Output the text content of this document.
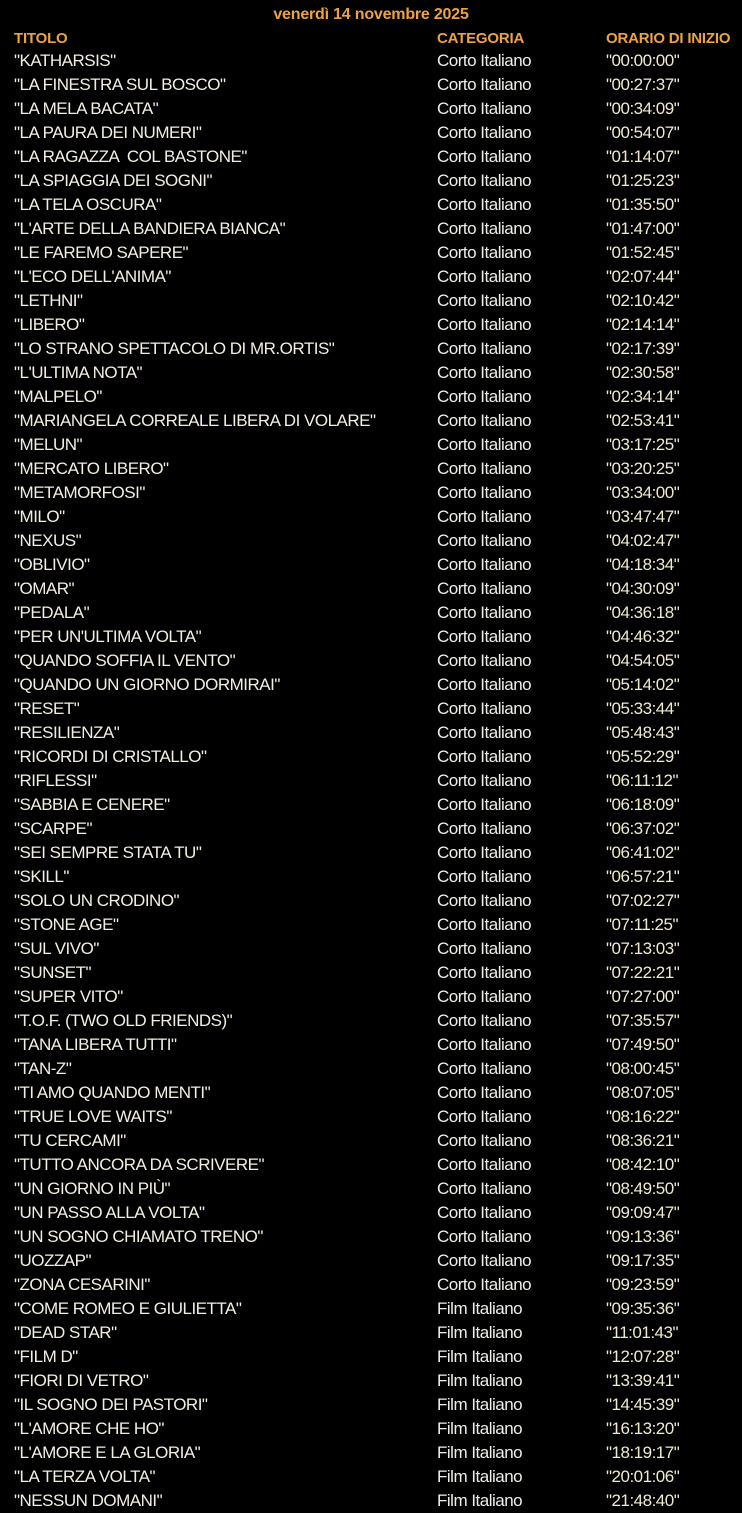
venerdì 14 novembre 2025
TITOLO	CATEGORIA	ORARIO DI INIZIO
"KATHARSIS"	Corto Italiano	"00:00:00"
"LA FINESTRA SUL BOSCO"	Corto Italiano	"00:27:37"
"LA MELA BACATA"	Corto Italiano	"00:34:09"
"LA PAURA DEI NUMERI"	Corto Italiano	"00:54:07"
"LA RAGAZZA  COL BASTONE"	Corto Italiano	"01:14:07"
"LA SPIAGGIA DEI SOGNI"	Corto Italiano	"01:25:23"
"LA TELA OSCURA"	Corto Italiano	"01:35:50"
"L'ARTE DELLA BANDIERA BIANCA"	Corto Italiano	"01:47:00"
"LE FAREMO SAPERE"	Corto Italiano	"01:52:45"
"L'ECO DELL'ANIMA"	Corto Italiano	"02:07:44"
"LETHNI"	Corto Italiano	"02:10:42"
"LIBERO"	Corto Italiano	"02:14:14"
"LO STRANO SPETTACOLO DI MR.ORTIS"	Corto Italiano	"02:17:39"
"L'ULTIMA NOTA"	Corto Italiano	"02:30:58"
"MALPELO"	Corto Italiano	"02:34:14"
"MARIANGELA CORREALE LIBERA DI VOLARE"	Corto Italiano	"02:53:41"
"MELUN"	Corto Italiano	"03:17:25"
"MERCATO LIBERO"	Corto Italiano	"03:20:25"
"METAMORFOSI"	Corto Italiano	"03:34:00"
"MILO"	Corto Italiano	"03:47:47"
"NEXUS"	Corto Italiano	"04:02:47"
"OBLIVIO"	Corto Italiano	"04:18:34"
"OMAR"	Corto Italiano	"04:30:09"
"PEDALA"	Corto Italiano	"04:36:18"
"PER UN'ULTIMA VOLTA"	Corto Italiano	"04:46:32"
"QUANDO SOFFIA IL VENTO"	Corto Italiano	"04:54:05"
"QUANDO UN GIORNO DORMIRAI"	Corto Italiano	"05:14:02"
"RESET"	Corto Italiano	"05:33:44"
"RESILIENZA"	Corto Italiano	"05:48:43"
"RICORDI DI CRISTALLO"	Corto Italiano	"05:52:29"
"RIFLESSI"	Corto Italiano	"06:11:12"
"SABBIA E CENERE"	Corto Italiano	"06:18:09"
"SCARPE"	Corto Italiano	"06:37:02"
"SEI SEMPRE STATA TU"	Corto Italiano	"06:41:02"
"SKILL"	Corto Italiano	"06:57:21"
"SOLO UN CRODINO"	Corto Italiano	"07:02:27"
"STONE AGE"	Corto Italiano	"07:11:25"
"SUL VIVO"	Corto Italiano	"07:13:03"
"SUNSET"	Corto Italiano	"07:22:21"
"SUPER VITO"	Corto Italiano	"07:27:00"
"T.O.F. (TWO OLD FRIENDS)"	Corto Italiano	"07:35:57"
"TANA LIBERA TUTTI"	Corto Italiano	"07:49:50"
"TAN-Z"	Corto Italiano	"08:00:45"
"TI AMO QUANDO MENTI"	Corto Italiano	"08:07:05"
"TRUE LOVE WAITS"	Corto Italiano	"08:16:22"
"TU CERCAMI"	Corto Italiano	"08:36:21"
"TUTTO ANCORA DA SCRIVERE"	Corto Italiano	"08:42:10"
"UN GIORNO IN PIÙ"	Corto Italiano	"08:49:50"
"UN PASSO ALLA VOLTA"	Corto Italiano	"09:09:47"
"UN SOGNO CHIAMATO TRENO"	Corto Italiano	"09:13:36"
"UOZZAP"	Corto Italiano	"09:17:35"
"ZONA CESARINI"	Corto Italiano	"09:23:59"
"COME ROMEO E GIULIETTA"	Film Italiano	"09:35:36"
"DEAD STAR"	Film Italiano	"11:01:43"
"FILM D"	Film Italiano	"12:07:28"
"FIORI DI VETRO"	Film Italiano	"13:39:41"
"IL SOGNO DEI PASTORI"	Film Italiano	"14:45:39"
"L'AMORE CHE HO"	Film Italiano	"16:13:20"
"L'AMORE E LA GLORIA"	Film Italiano	"18:19:17"
"LA TERZA VOLTA"	Film Italiano	"20:01:06"
"NESSUN DOMANI"	Film Italiano	"21:48:40"
